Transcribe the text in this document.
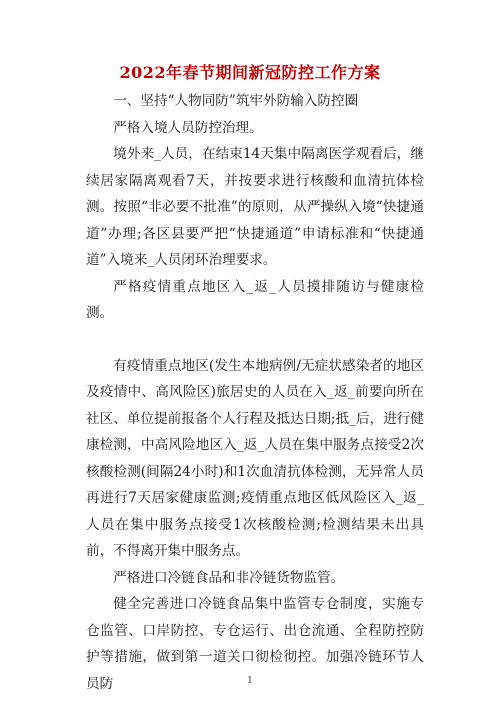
2022年春节期间新冠防控工作方案

一、坚持“人物同防”筑牢外防输入防控圈

严格入境人员防控治理。

境外来_人员，在结束14天集中隔离医学观看后，继续居家隔离观看7天，并按要求进行核酸和血清抗体检测。按照“非必要不批准”的原则，从严操纵入境“快捷通道”办理;各区县要严把“快捷通道”申请标准和“快捷通道”入境来_人员闭环治理要求。

严格疫情重点地区入_返_人员摸排随访与健康检测。

有疫情重点地区(发生本地病例/无症状感染者的地区及疫情中、高风险区)旅居史的人员在入_返_前要向所在社区、单位提前报备个人行程及抵达日期;抵_后，进行健康检测，中高风险地区入_返_人员在集中服务点接受2次核酸检测(间隔24小时)和1次血清抗体检测，无异常人员再进行7天居家健康监测;疫情重点地区低风险区入_返_人员在集中服务点接受1次核酸检测;检测结果未出具前，不得离开集中服务点。

严格进口冷链食品和非冷链货物监管。

健全完善进口冷链食品集中监管专仓制度，实施专仓监管、口岸防控、专仓运行、出仓流通、全程防控防护等措施，做到第一道关口彻检彻控。加强冷链环节人员防	1
